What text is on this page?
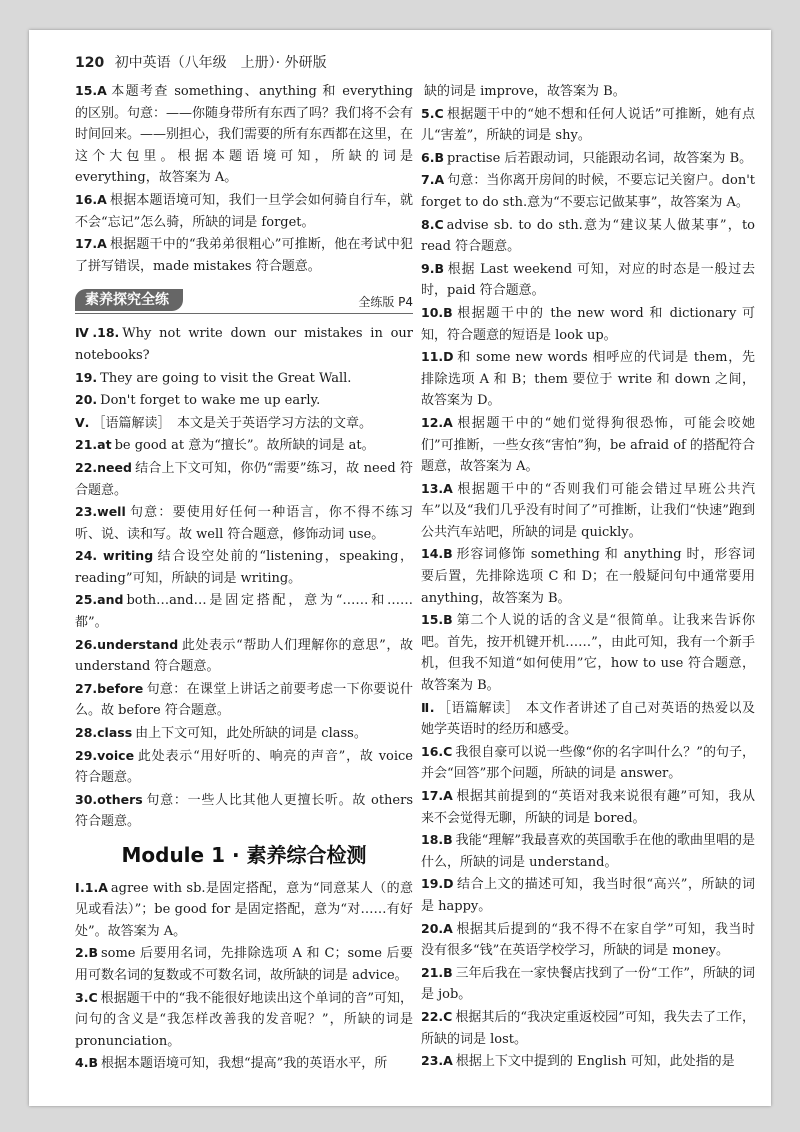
120 初中英语（八年级　上册）· 外研版

15.A 本题考查 something、anything 和 everything 的区别。句意：——你随身带所有东西了吗？我们将不会有时间回来。——别担心，我们需要的所有东西都在这里，在这个大包里。根据本题语境可知，所缺的词是 everything，故答案为 A。

16.A 根据本题语境可知，我们一旦学会如何骑自行车，就不会“忘记”怎么骑，所缺的词是 forget。

17.A 根据题干中的“我弟弟很粗心”可推断，他在考试中犯了拼写错误，made mistakes 符合题意。

素养探究全练	全练版 P4

Ⅳ.18. Why not write down our mistakes in our notebooks?

19. They are going to visit the Great Wall.

20. Don't forget to wake me up early.

Ⅴ. ［语篇解读］　本文是关于英语学习方法的文章。

21.at be good at 意为“擅长”。故所缺的词是 at。

22.need 结合上下文可知，你仍“需要”练习，故 need 符合题意。

23.well 句意：要使用好任何一种语言，你不得不练习听、说、读和写。故 well 符合题意，修饰动词 use。

24. writing 结合设空处前的“listening，speaking，reading”可知，所缺的词是 writing。

25.and both…and…是固定搭配，意为“……和……都”。

26.understand 此处表示“帮助人们理解你的意思”，故 understand 符合题意。

27.before 句意：在课堂上讲话之前要考虑一下你要说什么。故 before 符合题意。

28.class 由上下文可知，此处所缺的词是 class。

29.voice 此处表示“用好听的、响亮的声音”，故 voice 符合题意。

30.others 句意：一些人比其他人更擅长听。故 others 符合题意。

Module 1 · 素养综合检测

Ⅰ.1.A agree with sb.是固定搭配，意为“同意某人（的意见或看法）”；be good for 是固定搭配，意为“对……有好处”。故答案为 A。

2.B some 后要用名词，先排除选项 A 和 C；some 后要用可数名词的复数或不可数名词，故所缺的词是 advice。

3.C 根据题干中的“我不能很好地读出这个单词的音”可知，问句的含义是“我怎样改善我的发音呢？”，所缺的词是 pronunciation。

4.B 根据本题语境可知，我想“提高”我的英语水平，所

缺的词是 improve，故答案为 B。

5.C 根据题干中的“她不想和任何人说话”可推断，她有点儿“害羞”，所缺的词是 shy。

6.B practise 后若跟动词，只能跟动名词，故答案为 B。

7.A 句意：当你离开房间的时候，不要忘记关窗户。don't forget to do sth.意为“不要忘记做某事”，故答案为 A。

8.C advise sb. to do sth.意为“建议某人做某事”，to read 符合题意。

9.B 根据 Last weekend 可知，对应的时态是一般过去时，paid 符合题意。

10.B 根据题干中的 the new word 和 dictionary 可知，符合题意的短语是 look up。

11.D 和 some new words 相呼应的代词是 them，先排除选项 A 和 B；them 要位于 write 和 down 之间，故答案为 D。

12.A 根据题干中的“她们觉得狗很恐怖，可能会咬她们”可推断，一些女孩“害怕”狗，be afraid of 的搭配符合题意，故答案为 A。

13.A 根据题干中的“否则我们可能会错过早班公共汽车”以及“我们几乎没有时间了”可推断，让我们“快速”跑到公共汽车站吧，所缺的词是 quickly。

14.B 形容词修饰 something 和 anything 时，形容词要后置，先排除选项 C 和 D；在一般疑问句中通常要用 anything，故答案为 B。

15.B 第二个人说的话的含义是“很简单。让我来告诉你吧。首先，按开机键开机……”，由此可知，我有一个新手机，但我不知道“如何使用”它，how to use 符合题意，故答案为 B。

Ⅱ. ［语篇解读］　本文作者讲述了自己对英语的热爱以及她学英语时的经历和感受。

16.C 我很自豪可以说一些像“你的名字叫什么？”的句子，并会“回答”那个问题，所缺的词是 answer。

17.A 根据其前提到的“英语对我来说很有趣”可知，我从来不会觉得无聊，所缺的词是 bored。

18.B 我能“理解”我最喜欢的英国歌手在他的歌曲里唱的是什么，所缺的词是 understand。

19.D 结合上文的描述可知，我当时很“高兴”，所缺的词是 happy。

20.A 根据其后提到的“我不得不在家自学”可知，我当时没有很多“钱”在英语学校学习，所缺的词是 money。

21.B 三年后我在一家快餐店找到了一份“工作”，所缺的词是 job。

22.C 根据其后的“我决定重返校园”可知，我失去了工作，所缺的词是 lost。

23.A 根据上下文中提到的 English 可知，此处指的是
